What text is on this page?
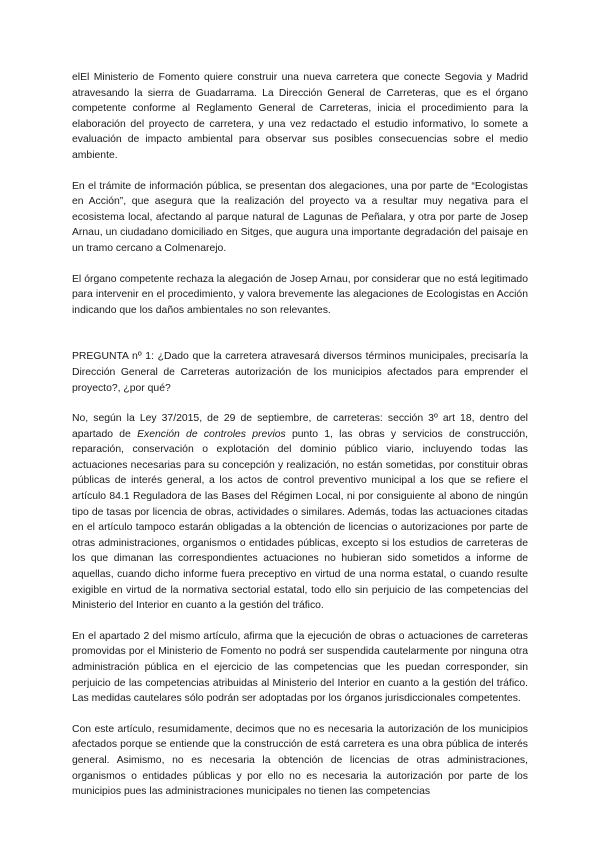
elEl Ministerio de Fomento quiere construir una nueva carretera que conecte Segovia y Madrid atravesando la sierra de Guadarrama. La Dirección General de Carreteras, que es el órgano competente conforme al Reglamento General de Carreteras, inicia el procedimiento para la elaboración del proyecto de carretera, y una vez redactado el estudio informativo, lo somete a evaluación de impacto ambiental para observar sus posibles consecuencias sobre el medio ambiente.

En el trámite de información pública, se presentan dos alegaciones, una por parte de “Ecologistas en Acción”, que asegura que la realización del proyecto va a resultar muy negativa para el ecosistema local, afectando al parque natural de Lagunas de Peñalara, y otra por parte de Josep Arnau, un ciudadano domiciliado en Sitges, que augura una importante degradación del paisaje en un tramo cercano a Colmenarejo.

El órgano competente rechaza la alegación de Josep Arnau, por considerar que no está legitimado para intervenir en el procedimiento, y valora brevemente las alegaciones de Ecologistas en Acción indicando que los daños ambientales no son relevantes.

PREGUNTA nº 1: ¿Dado que la carretera atravesará diversos términos municipales, precisaría la Dirección General de Carreteras autorización de los municipios afectados para emprender el proyecto?, ¿por qué?

No, según la Ley 37/2015, de 29 de septiembre, de carreteras: sección 3º art 18, dentro del apartado de Exención de controles previos punto 1, las obras y servicios de construcción, reparación, conservación o explotación del dominio público viario, incluyendo todas las actuaciones necesarias para su concepción y realización, no están sometidas, por constituir obras públicas de interés general, a los actos de control preventivo municipal a los que se refiere el artículo 84.1 Reguladora de las Bases del Régimen Local, ni por consiguiente al abono de ningún tipo de tasas por licencia de obras, actividades o similares. Además, todas las actuaciones citadas en el artículo tampoco estarán obligadas a la obtención de licencias o autorizaciones por parte de otras administraciones, organismos o entidades públicas, excepto si los estudios de carreteras de los que dimanan las correspondientes actuaciones no hubieran sido sometidos a informe de aquellas, cuando dicho informe fuera preceptivo en virtud de una norma estatal, o cuando resulte exigible en virtud de la normativa sectorial estatal, todo ello sin perjuicio de las competencias del Ministerio del Interior en cuanto a la gestión del tráfico.

En el apartado 2 del mismo artículo, afirma que la ejecución de obras o actuaciones de carreteras promovidas por el Ministerio de Fomento no podrá ser suspendida cautelarmente por ninguna otra administración pública en el ejercicio de las competencias que les puedan corresponder, sin perjuicio de las competencias atribuidas al Ministerio del Interior en cuanto a la gestión del tráfico. Las medidas cautelares sólo podrán ser adoptadas por los órganos jurisdiccionales competentes.

Con este artículo, resumidamente, decimos que no es necesaria la autorización de los municipios afectados porque se entiende que la construcción de está carretera es una obra pública de interés general. Asimismo, no es necesaria la obtención de licencias de otras administraciones, organismos o entidades públicas y por ello no es necesaria la autorización por parte de los municipios pues las administraciones municipales no tienen las competencias
